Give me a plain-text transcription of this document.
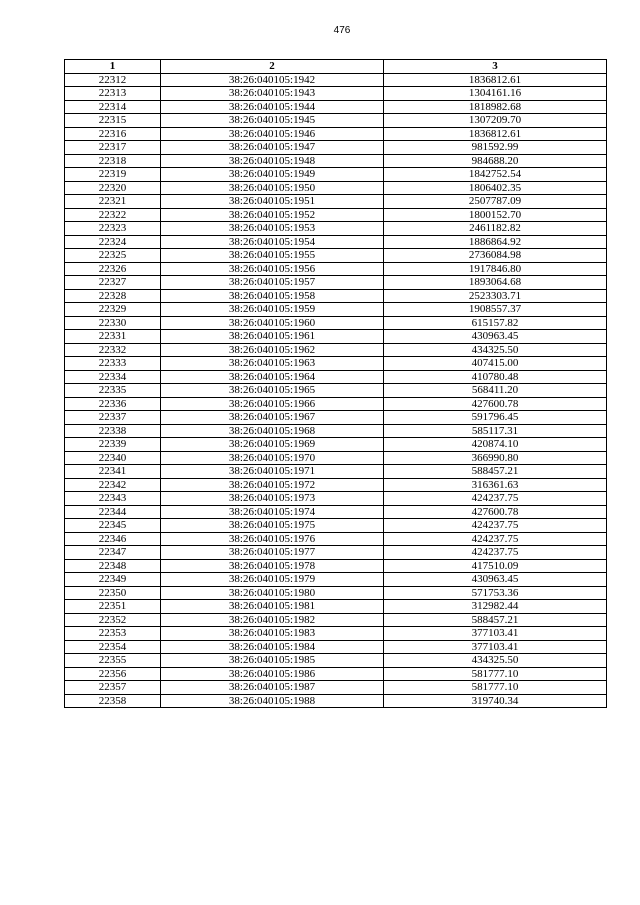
476
1	2	3
22312	38:26:040105:1942	1836812.61
22313	38:26:040105:1943	1304161.16
22314	38:26:040105:1944	1818982.68
22315	38:26:040105:1945	1307209.70
22316	38:26:040105:1946	1836812.61
22317	38:26:040105:1947	981592.99
22318	38:26:040105:1948	984688.20
22319	38:26:040105:1949	1842752.54
22320	38:26:040105:1950	1806402.35
22321	38:26:040105:1951	2507787.09
22322	38:26:040105:1952	1800152.70
22323	38:26:040105:1953	2461182.82
22324	38:26:040105:1954	1886864.92
22325	38:26:040105:1955	2736084.98
22326	38:26:040105:1956	1917846.80
22327	38:26:040105:1957	1893064.68
22328	38:26:040105:1958	2523303.71
22329	38:26:040105:1959	1908557.37
22330	38:26:040105:1960	615157.82
22331	38:26:040105:1961	430963.45
22332	38:26:040105:1962	434325.50
22333	38:26:040105:1963	407415.00
22334	38:26:040105:1964	410780.48
22335	38:26:040105:1965	568411.20
22336	38:26:040105:1966	427600.78
22337	38:26:040105:1967	591796.45
22338	38:26:040105:1968	585117.31
22339	38:26:040105:1969	420874.10
22340	38:26:040105:1970	366990.80
22341	38:26:040105:1971	588457.21
22342	38:26:040105:1972	316361.63
22343	38:26:040105:1973	424237.75
22344	38:26:040105:1974	427600.78
22345	38:26:040105:1975	424237.75
22346	38:26:040105:1976	424237.75
22347	38:26:040105:1977	424237.75
22348	38:26:040105:1978	417510.09
22349	38:26:040105:1979	430963.45
22350	38:26:040105:1980	571753.36
22351	38:26:040105:1981	312982.44
22352	38:26:040105:1982	588457.21
22353	38:26:040105:1983	377103.41
22354	38:26:040105:1984	377103.41
22355	38:26:040105:1985	434325.50
22356	38:26:040105:1986	581777.10
22357	38:26:040105:1987	581777.10
22358	38:26:040105:1988	319740.34
